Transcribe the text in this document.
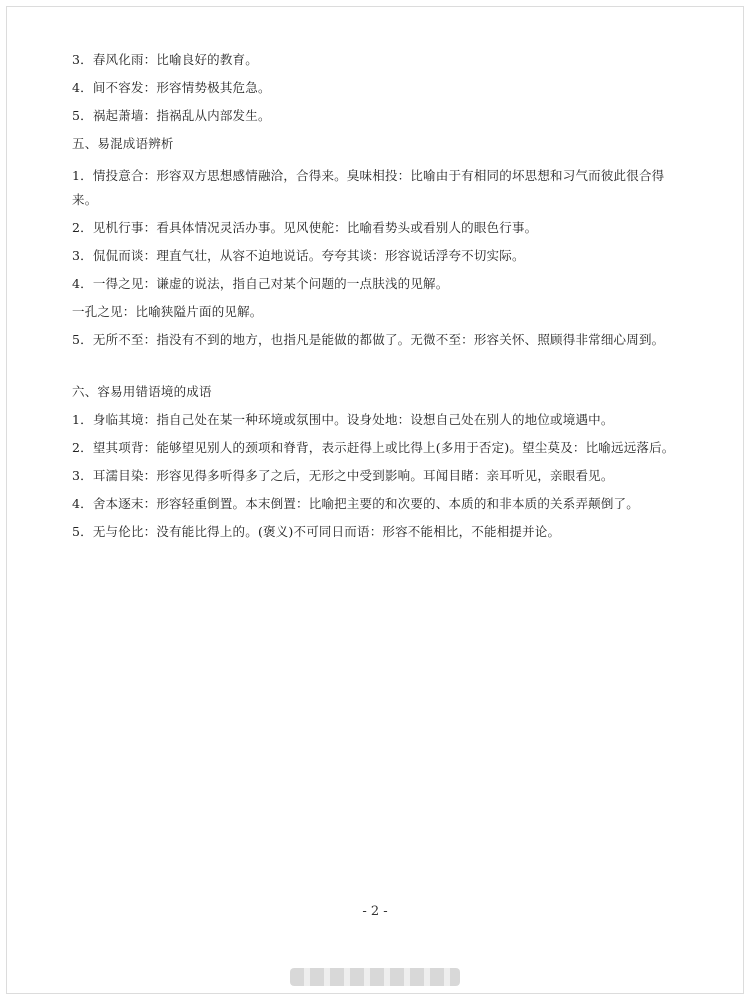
3．春风化雨：比喻良好的教育。
4．间不容发：形容情势极其危急。
5．祸起萧墙：指祸乱从内部发生。
五、易混成语辨析
1．情投意合：形容双方思想感情融洽，合得来。臭味相投：比喻由于有相同的坏思想和习气而彼此很合得来。
2．见机行事：看具体情况灵活办事。见风使舵：比喻看势头或看别人的眼色行事。
3．侃侃而谈：理直气壮，从容不迫地说话。夸夸其谈：形容说话浮夸不切实际。
4．一得之见：谦虚的说法，指自己对某个问题的一点肤浅的见解。
一孔之见：比喻狭隘片面的见解。
5．无所不至：指没有不到的地方，也指凡是能做的都做了。无微不至：形容关怀、照顾得非常细心周到。
六、容易用错语境的成语
1．身临其境：指自己处在某一种环境或氛围中。设身处地：设想自己处在别人的地位或境遇中。
2．望其项背：能够望见别人的颈项和脊背，表示赶得上或比得上(多用于否定)。望尘莫及：比喻远远落后。
3．耳濡目染：形容见得多听得多了之后，无形之中受到影响。耳闻目睹：亲耳听见，亲眼看见。
4．舍本逐末：形容轻重倒置。本末倒置：比喻把主要的和次要的、本质的和非本质的关系弄颠倒了。
5．无与伦比：没有能比得上的。(褒义)不可同日而语：形容不能相比，不能相提并论。
- 2 -
